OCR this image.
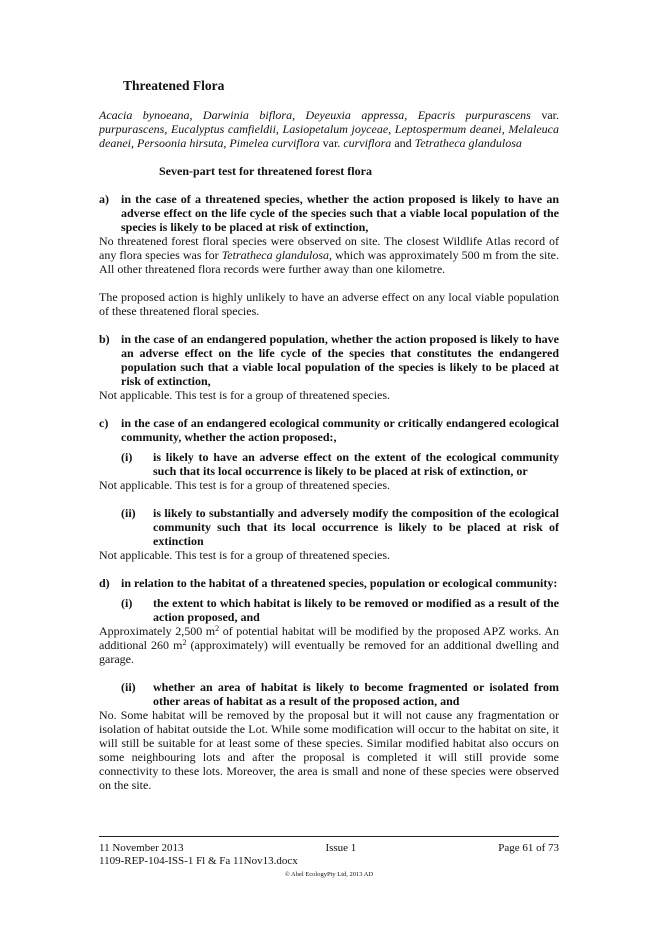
Threatened Flora
Acacia bynoeana, Darwinia biflora, Deyeuxia appressa, Epacris purpurascens var. purpurascens, Eucalyptus camfieldii, Lasiopetalum joyceae, Leptospermum deanei, Melaleuca deanei, Persoonia hirsuta, Pimelea curviflora var. curviflora and Tetratheca glandulosa
Seven-part test for threatened forest flora
a)	in the case of a threatened species, whether the action proposed is likely to have an adverse effect on the life cycle of the species such that a viable local population of the species is likely to be placed at risk of extinction,
No threatened forest floral species were observed on site. The closest Wildlife Atlas record of any flora species was for Tetratheca glandulosa, which was approximately 500 m from the site. All other threatened flora records were further away than one kilometre.
The proposed action is highly unlikely to have an adverse effect on any local viable population of these threatened floral species.
b) in the case of an endangered population, whether the action proposed is likely to have an adverse effect on the life cycle of the species that constitutes the endangered population such that a viable local population of the species is likely to be placed at risk of extinction,
Not applicable. This test is for a group of threatened species.
c)	in the case of an endangered ecological community or critically endangered ecological community, whether the action proposed:,
(i)	is likely to have an adverse effect on the extent of the ecological community such that its local occurrence is likely to be placed at risk of extinction, or
Not applicable. This test is for a group of threatened species.
(ii)	is likely to substantially and adversely modify the composition of the ecological community such that its local occurrence is likely to be placed at risk of extinction
Not applicable. This test is for a group of threatened species.
d) in relation to the habitat of a threatened species, population or ecological community:
(i)	the extent to which habitat is likely to be removed or modified as a result of the action proposed, and
Approximately 2,500 $m^2$ of potential habitat will be modified by the proposed APZ works. An additional 260 $m^2$ (approximately) will eventually be removed for an additional dwelling and garage.
(ii)	whether an area of habitat is likely to become fragmented or isolated from other areas of habitat as a result of the proposed action, and
No. Some habitat will be removed by the proposal but it will not cause any fragmentation or isolation of habitat outside the Lot. While some modification will occur to the habitat on site, it will still be suitable for at least some of these species. Similar modified habitat also occurs on some neighbouring lots and after the proposal is completed it will still provide some connectivity to these lots. Moreover, the area is small and none of these species were observed on the site.
11 November 2013	Issue 1	Page 61 of 73
1109-REP-104-ISS-1 Fl & Fa 11Nov13.docx
© Abel EcologyPty Ltd, 2013 AD
